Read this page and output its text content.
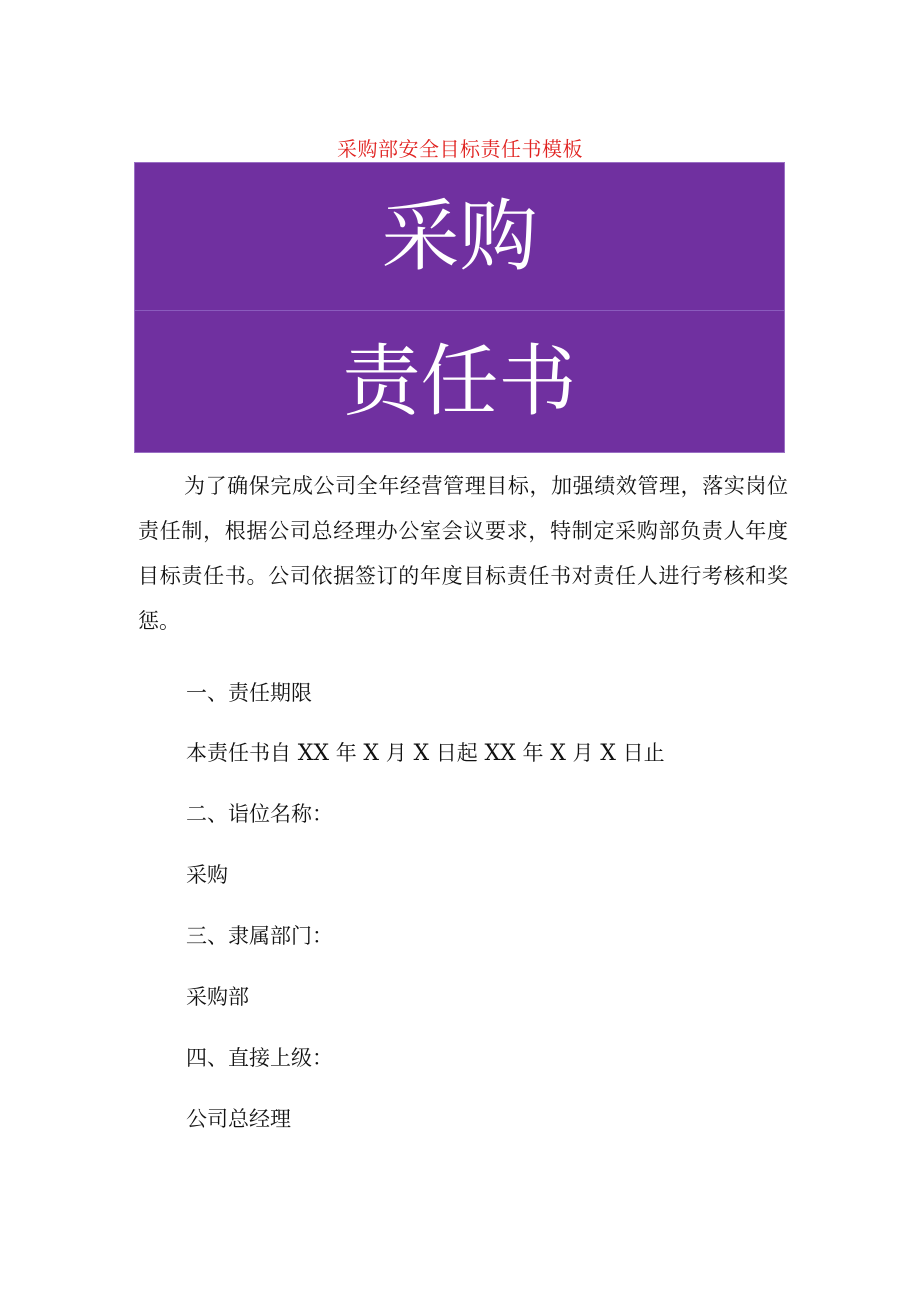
采购部安全目标责任书模板
采购
责任书

为了确保完成公司全年经营管理目标，加强绩效管理，落实岗位责任制，根据公司总经理办公室会议要求，特制定采购部负责人年度目标责任书。公司依据签订的年度目标责任书对责任人进行考核和奖惩。

一、责任期限

本责任书自 XX 年 X 月 X 日起 XX 年 X 月 X 日止

二、诣位名称：

采购

三、隶属部门：

采购部

四、直接上级：

公司总经理
